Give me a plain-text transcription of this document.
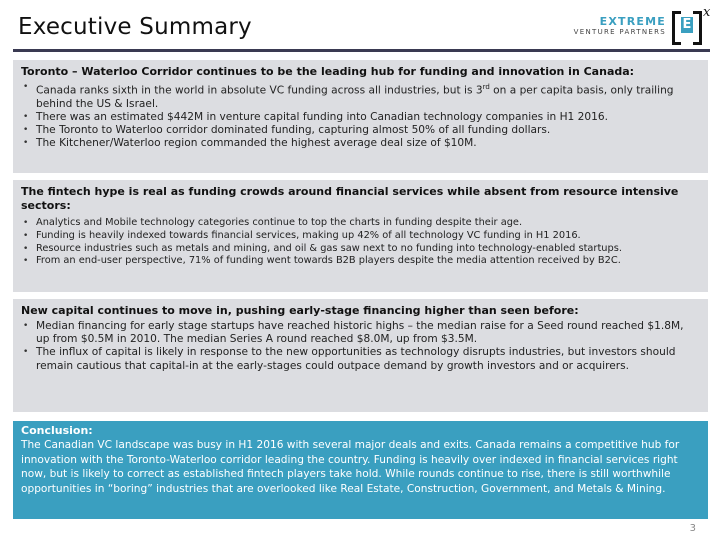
Executive Summary	EXTREME
VENTURE PARTNERS E
x
Toronto – Waterloo Corridor continues to be the leading hub for funding and innovation in Canada:
• Canada ranks sixth in the world in absolute VC funding across all industries, but is 3rd on a per capita basis, only trailing behind the US & Israel.
• There was an estimated $442M in venture capital funding into Canadian technology companies in H1 2016.
• The Toronto to Waterloo corridor dominated funding, capturing almost 50% of all funding dollars.
• The Kitchener/Waterloo region commanded the highest average deal size of $10M.
The fintech hype is real as funding crowds around financial services while absent from resource intensive sectors:
• Analytics and Mobile technology categories continue to top the charts in funding despite their age.
• Funding is heavily indexed towards financial services, making up 42% of all technology VC funding in H1 2016.
• Resource industries such as metals and mining, and oil & gas saw next to no funding into technology-enabled startups.
• From an end-user perspective, 71% of funding went towards B2B players despite the media attention received by B2C.
New capital continues to move in, pushing early-stage financing higher than seen before:
• Median financing for early stage startups have reached historic highs – the median raise for a Seed round reached $1.8M, up from $0.5M in 2010. The median Series A round reached $8.0M, up from $3.5M.
• The influx of capital is likely in response to the new opportunities as technology disrupts industries, but investors should remain cautious that capital-in at the early-stages could outpace demand by growth investors and or acquirers.
Conclusion:

The Canadian VC landscape was busy in H1 2016 with several major deals and exits. Canada remains a competitive hub for innovation with the Toronto-Waterloo corridor leading the country. Funding is heavily over indexed in financial services right now, but is likely to correct as established fintech players take hold. While rounds continue to rise, there is still worthwhile opportunities in “boring” industries that are overlooked like Real Estate, Construction, Government, and Metals & Mining.

3
